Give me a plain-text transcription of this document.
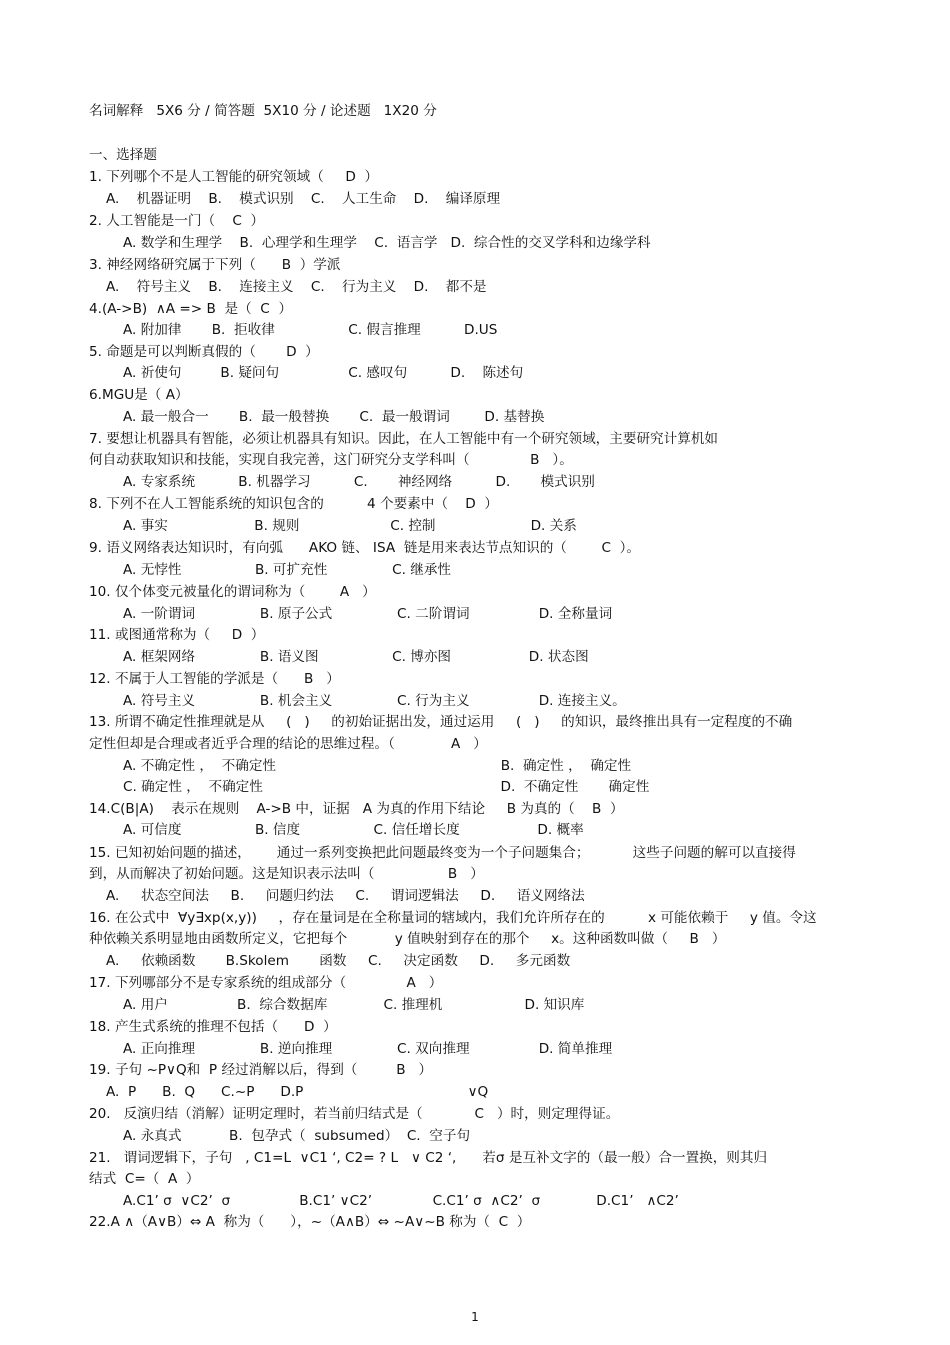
名词解释   5X6 分 / 简答题  5X10 分 / 论述题   1X20 分
一、选择题
1. 下列哪个不是人工智能的研究领域（     D  ）
A.    机器证明    B.    模式识别    C.    人工生命    D.    编译原理
2. 人工智能是一门（    C  ）
A. 数学和生理学    B.  心理学和生理学    C.  语言学   D.  综合性的交叉学科和边缘学科
3. 神经网络研究属于下列（      B  ）学派
A.    符号主义    B.    连接主义    C.    行为主义    D.    都不是
4.(A->B)  ∧A => B  是（  C  ）
A. 附加律       B.  拒收律                 C. 假言推理          D.US
5. 命题是可以判断真假的（       D  ）
A. 祈使句         B. 疑问句                C. 感叹句          D.    陈述句
6.MGU是（ A）
A. 最一般合一       B.  最一般替换       C.  最一般谓词        D. 基替换
7. 要想让机器具有智能，必须让机器具有知识。因此，在人工智能中有一个研究领域，主要研究计算机如
何自动获取知识和技能，实现自我完善，这门研究分支学科叫（              B   ）。
A. 专家系统          B. 机器学习          C.       神经网络          D.       模式识别
8. 下列不在人工智能系统的知识包含的          4 个要素中（    D  ）
A. 事实                    B. 规则                     C. 控制                      D. 关系
9. 语义网络表达知识时，有向弧      AKO 链、 ISA  链是用来表达节点知识的（        C  ）。
A. 无悖性                 B. 可扩充性               C. 继承性
10. 仅个体变元被量化的谓词称为（        A   ）
A. 一阶谓词               B. 原子公式               C. 二阶谓词                D. 全称量词
11. 或图通常称为（     D  ）
A. 框架网络               B. 语义图                 C. 博亦图                  D. 状态图
12. 不属于人工智能的学派是（      B   ）
A. 符号主义               B. 机会主义               C. 行为主义                D. 连接主义。
13. 所谓不确定性推理就是从     (   )     的初始证据出发，通过运用     (   )     的知识，最终推出具有一定程度的不确
定性但却是合理或者近乎合理的结论的思维过程。（             A   ）
A. 不确定性 ，  不确定性                                                    B.  确定性 ，  确定性
C. 确定性 ，  不确定性                                                       D.  不确定性       确定性
14.C(B|A)    表示在规则    A->B 中，证据   A 为真的作用下结论     B 为真的（    B  ）
A. 可信度                 B. 信度                 C. 信任增长度                  D. 概率
15. 已知初始问题的描述，      通过一系列变换把此问题最终变为一个子问题集合；          这些子问题的解可以直接得
到，从而解决了初始问题。这是知识表示法叫（                 B   ）
A.     状态空间法     B.     问题归约法     C.     谓词逻辑法     D.     语义网络法
16. 在公式中  ∀y∃xp(x,y))     ，存在量词是在全称量词的辖域内，我们允许所存在的          x 可能依赖于     y 值。令这
种依赖关系明显地由函数所定义，它把每个           y 值映射到存在的那个     x。这种函数叫做（     B   ）
A.     依赖函数       B.Skolem       函数     C.     决定函数     D.     多元函数
17. 下列哪部分不是专家系统的组成部分（              A   ）
A. 用户                B.  综合数据库             C. 推理机                   D. 知识库
18. 产生式系统的推理不包括（      D  ）
A. 正向推理               B. 逆向推理               C. 双向推理                D. 简单推理
19. 子句 ~P∨Q和  P 经过消解以后，得到（         B   ）
A.  P      B.  Q      C.~P      D.P                                      ∨Q
20.   反演归结（消解）证明定理时，若当前归结式是（            C   ）时，则定理得证。
A. 永真式           B.  包孕式（  subsumed）  C.  空子句
21.   谓词逻辑下，子句   , C1=L  ∨C1 ‘, C2= ? L   ∨ C2 ‘,      若σ 是互补文字的（最一般）合一置换，则其归
结式  C=（  A  ）
A.C1’ σ  ∨C2’  σ                B.C1’ ∨C2’              C.C1’ σ  ∧C2’  σ             D.C1’   ∧C2’
22.A ∧（A∨B）⇔ A  称为（      ），~（A∧B）⇔ ~A∨~B 称为（  C  ）
1
